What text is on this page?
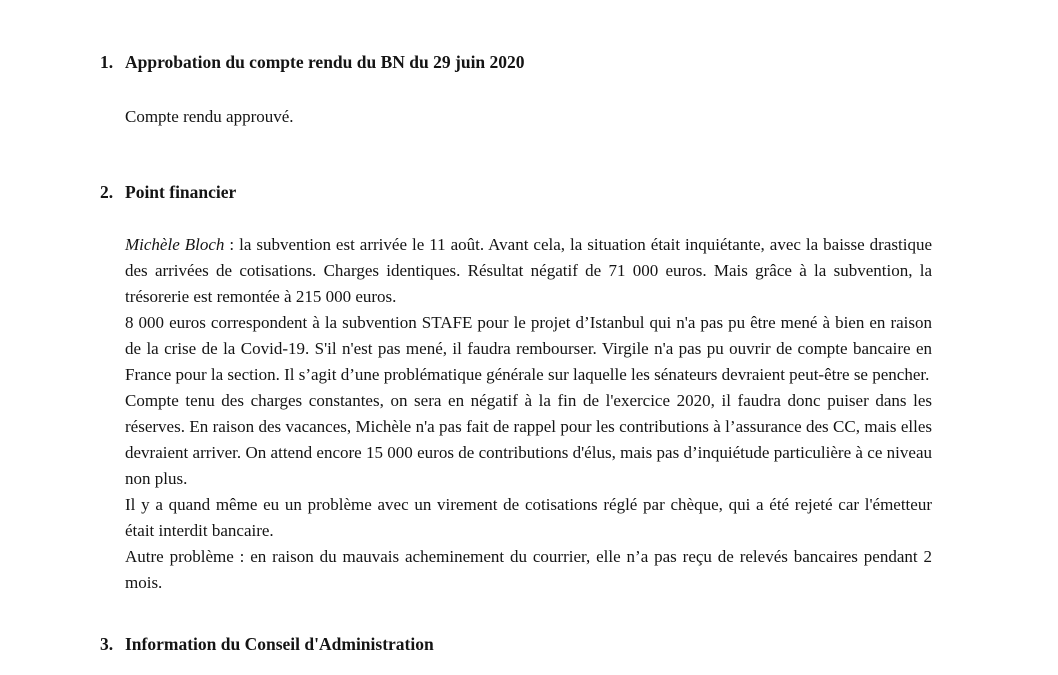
1. Approbation du compte rendu du BN du 29 juin 2020

Compte rendu approuvé.

2. Point financier

Michèle Bloch : la subvention est arrivée le 11 août. Avant cela, la situation était inquiétante, avec la baisse drastique des arrivées de cotisations. Charges identiques. Résultat négatif de 71 000 euros. Mais grâce à la subvention, la trésorerie est remontée à 215 000 euros.

8 000 euros correspondent à la subvention STAFE pour le projet d’Istanbul qui n'a pas pu être mené à bien en raison de la crise de la Covid-19. S'il n'est pas mené, il faudra rembourser. Virgile n'a pas pu ouvrir de compte bancaire en France pour la section. Il s’agit d’une problématique générale sur laquelle les sénateurs devraient peut-être se pencher.

Compte tenu des charges constantes, on sera en négatif à la fin de l'exercice 2020, il faudra donc puiser dans les réserves. En raison des vacances, Michèle n'a pas fait de rappel pour les contributions à l’assurance des CC, mais elles devraient arriver. On attend encore 15 000 euros de contributions d'élus, mais pas d’inquiétude particulière à ce niveau non plus.

Il y a quand même eu un problème avec un virement de cotisations réglé par chèque, qui a été rejeté car l'émetteur était interdit bancaire.

Autre problème : en raison du mauvais acheminement du courrier, elle n’a pas reçu de relevés bancaires pendant 2 mois.

3. Information du Conseil d'Administration
